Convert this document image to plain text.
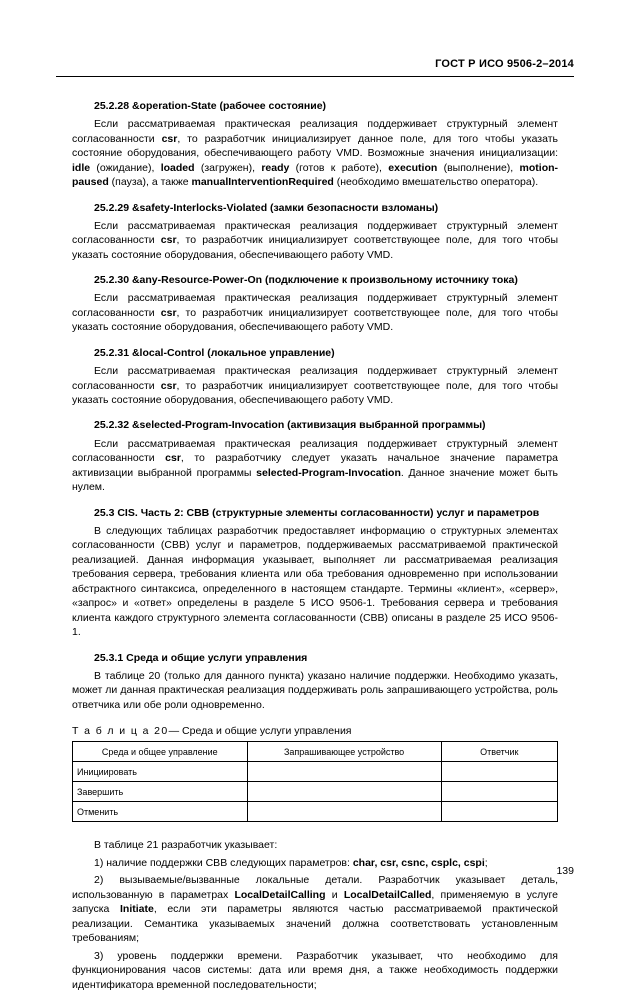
ГОСТ Р ИСО 9506-2–2014
25.2.28 &operation-State (рабочее состояние)

Если рассматриваемая практическая реализация поддерживает структурный элемент согласованности csr, то разработчик инициализирует данное поле, для того чтобы указать состояние оборудования, обеспечивающего работу VMD. Возможные значения инициализации: idle (ожидание), loaded (загружен), ready (готов к работе), execution (выполнение), motion-paused (пауза), а также manualInterventionRequired (необходимо вмешательство оператора).

25.2.29 &safety-Interlocks-Violated (замки безопасности взломаны)

Если рассматриваемая практическая реализация поддерживает структурный элемент согласованности csr, то разработчик инициализирует соответствующее поле, для того чтобы указать состояние оборудования, обеспечивающего работу VMD.

25.2.30 &any-Resource-Power-On (подключение к произвольному источнику тока)

Если рассматриваемая практическая реализация поддерживает структурный элемент согласованности csr, то разработчик инициализирует соответствующее поле, для того чтобы указать состояние оборудования, обеспечивающего работу VMD.

25.2.31 &local-Control (локальное управление)

Если рассматриваемая практическая реализация поддерживает структурный элемент согласованности csr, то разработчик инициализирует соответствующее поле, для того чтобы указать состояние оборудования, обеспечивающего работу VMD.

25.2.32 &selected-Program-Invocation (активизация выбранной программы)

Если рассматриваемая практическая реализация поддерживает структурный элемент согласованности csr, то разработчику следует указать начальное значение параметра активизации выбранной программы selected-Program-Invocation. Данное значение может быть нулем.

25.3 CIS. Часть 2: CBB (структурные элементы согласованности) услуг и параметров

В следующих таблицах разработчик предоставляет информацию о структурных элементах согласованности (CBB) услуг и параметров, поддерживаемых рассматриваемой практической реализацией. Данная информация указывает, выполняет ли рассматриваемая реализация требования сервера, требования клиента или оба требования одновременно при использовании абстрактного синтаксиса, определенного в настоящем стандарте. Термины «клиент», «сервер», «запрос» и «ответ» определены в разделе 5 ИСО 9506-1. Требования сервера и требования клиента каждого структурного элемента согласованности (CBB) описаны в разделе 25 ИСО 9506-1.

25.3.1 Среда и общие услуги управления

В таблице 20 (только для данного пункта) указано наличие поддержки. Необходимо указать, может ли данная практическая реализация поддерживать роль запрашивающего устройства, роль ответчика или обе роли одновременно.

Т а б л и ц а 20— Среда и общие услуги управления
Среда и общее управление	Запрашивающее устройство	Ответчик
Инициировать		
Завершить		
Отменить		

В таблице 21 разработчик указывает:

1) наличие поддержки CBB следующих параметров: char, csr, csnc, csplc, cspi;

2) вызываемые/вызванные локальные детали. Разработчик указывает деталь, использованную в параметрах LocalDetailCalling и LocalDetailCalled, применяемую в услуге запуска Initiate, если эти параметры являются частью рассматриваемой практической реализации. Семантика указываемых значений должна соответствовать установленным требованиям;

3) уровень поддержки времени. Разработчик указывает, что необходимо для функционирования часов системы: дата или время дня, а также необходимость поддержки идентификатора временной последовательности;

139
